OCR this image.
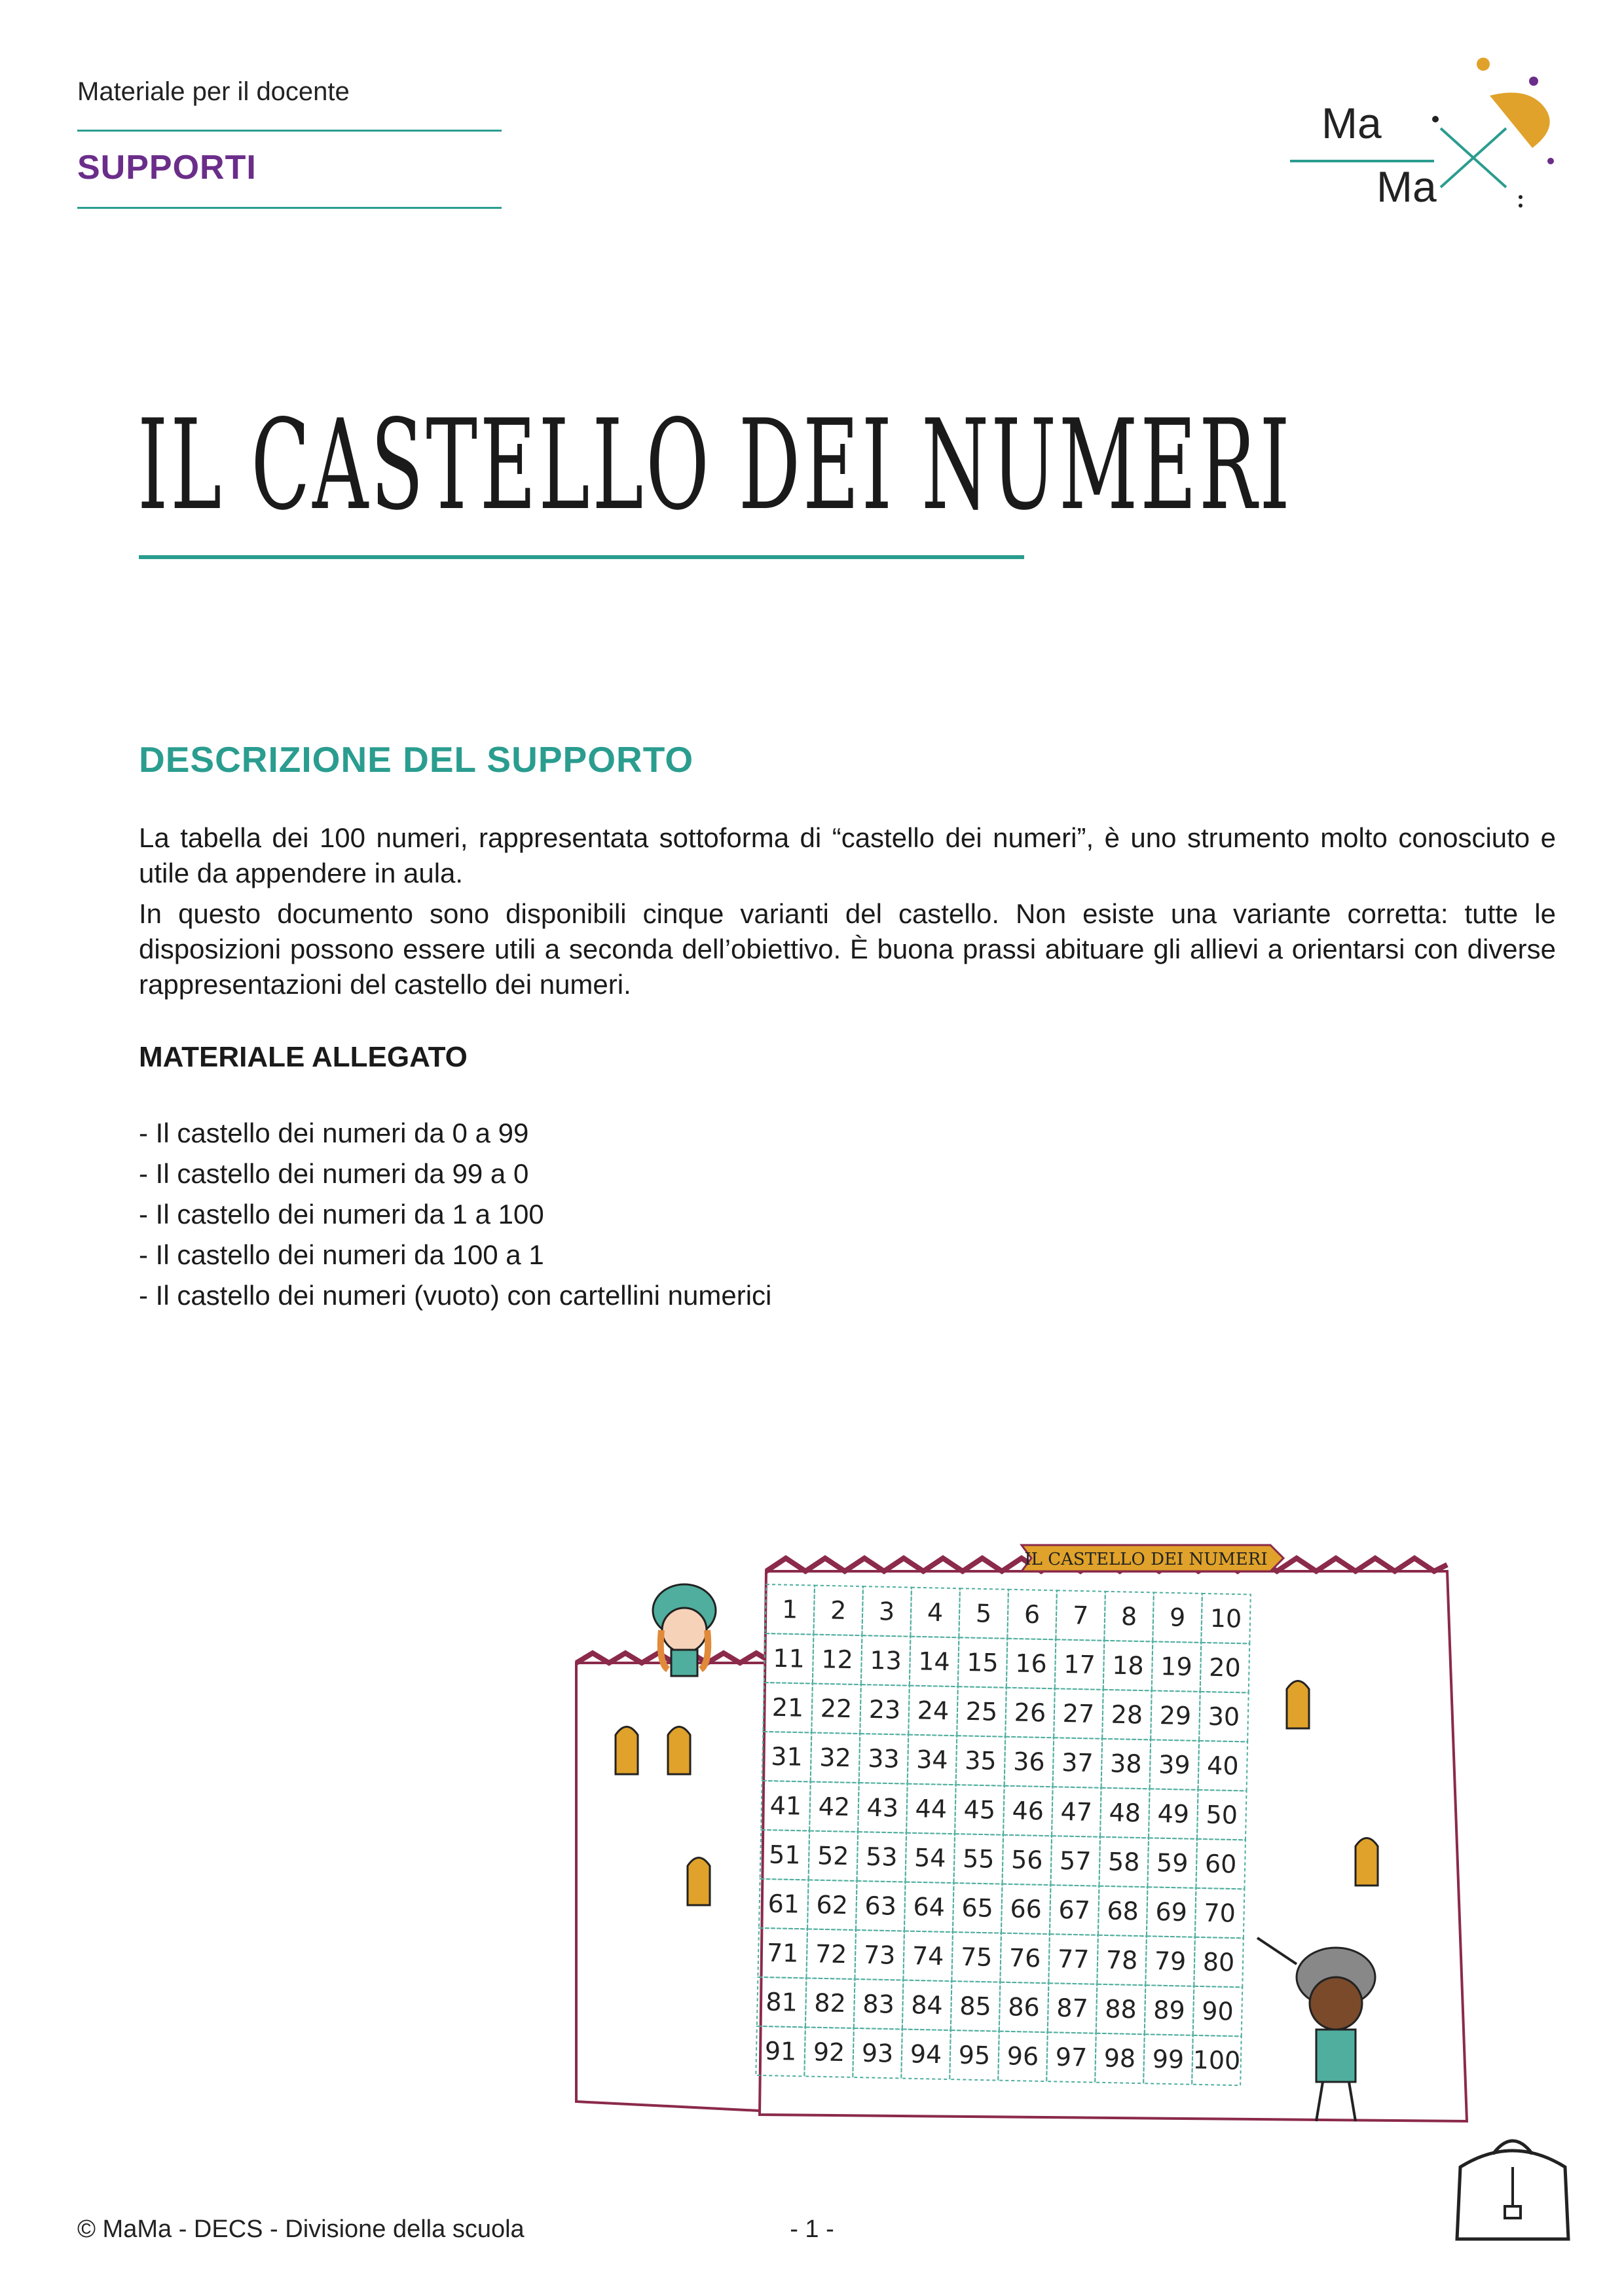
Materiale per il docente
SUPPORTI
Ma
Ma
IL CASTELLO DEI NUMERI
DESCRIZIONE DEL SUPPORTO
La tabella dei 100 numeri, rappresentata sottoforma di “castello dei numeri”, è uno strumento molto conosciuto e utile da appendere in aula.
In questo documento sono disponibili cinque varianti del castello. Non esiste una variante corretta: tutte le disposizioni possono essere utili a seconda dell’obiettivo. È buona prassi abituare gli allievi a orientarsi con diverse rappresentazioni del castello dei numeri.
MATERIALE ALLEGATO
- Il castello dei numeri da 0 a 99
- Il castello dei numeri da 99 a 0
- Il castello dei numeri da 1 a 100
- Il castello dei numeri da 100 a 1
- Il castello dei numeri (vuoto) con cartellini numerici
IL CASTELLO DEI NUMERI
1 2 3 4 5 6 7 8 9 10
11 12 13 14 15 16 17 18 19 20
21 22 23 24 25 26 27 28 29 30
31 32 33 34 35 36 37 38 39 40
41 42 43 44 45 46 47 48 49 50
51 52 53 54 55 56 57 58 59 60
61 62 63 64 65 66 67 68 69 70
71 72 73 74 75 76 77 78 79 80
81 82 83 84 85 86 87 88 89 90
91 92 93 94 95 96 97 98 99 100
© MaMa - DECS - Divisione della scuola	- 1 -
